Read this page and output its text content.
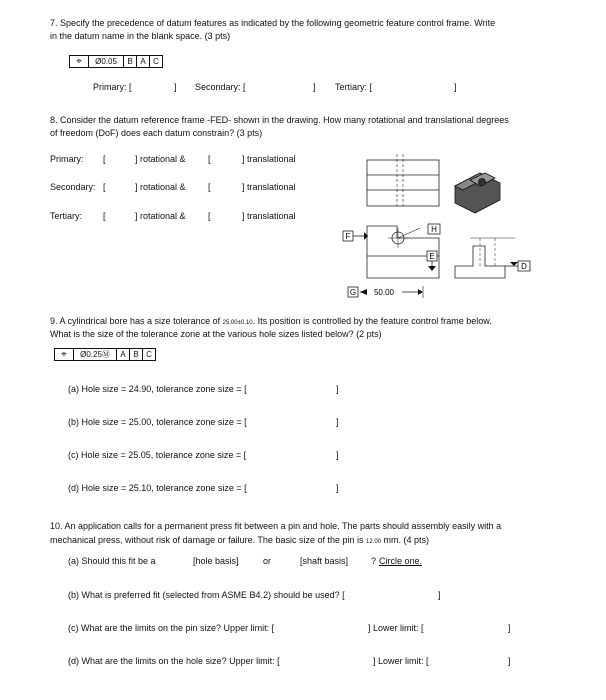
7. Specify the precedence of datum features as indicated by the following geometric feature control frame. Write
in the datum name in the blank space. (3 pts)
⌖	Ø0.05	B A C
Primary: [	] Secondary: [	] Tertiary: [	]
8. Consider the datum reference frame -FED- shown in the drawing. How many rotational and translational degrees
of freedom (DoF) does each datum constrain? (3 pts)
Primary: [	] rotational & [	] translational
Secondary: [	] rotational & [	] translational
Tertiary: [	] rotational & [	] translational
F
H
E
D
G 50.00
9. A cylindrical bore has a size tolerance of 25.00±0.10. Its position is controlled by the feature control frame below.
What is the size of the tolerance zone at the various hole sizes listed below? (2 pts)
⌖	Ø0.25Ⓜ	A B C
(a) Hole size = 24.90, tolerance zone size = [	]
(b) Hole size = 25.00, tolerance zone size = [	]
(c) Hole size = 25.05, tolerance zone size = [	]
(d) Hole size = 25.10, tolerance zone size = [	]
10. An application calls for a permanent press fit between a pin and hole. The parts should assembly easily with a
mechanical press, without risk of damage or failure. The basic size of the pin is 12.00 mm. (4 pts)
(a) Should this fit be a	[hole basis]	or	[shaft basis]	? Circle one.
(b) What is preferred fit (selected from ASME B4.2) should be used? [	]
(c) What are the limits on the pin size? Upper limit: [	] Lower limit: [	]
(d) What are the limits on the hole size? Upper limit: [	] Lower limit: [	]
